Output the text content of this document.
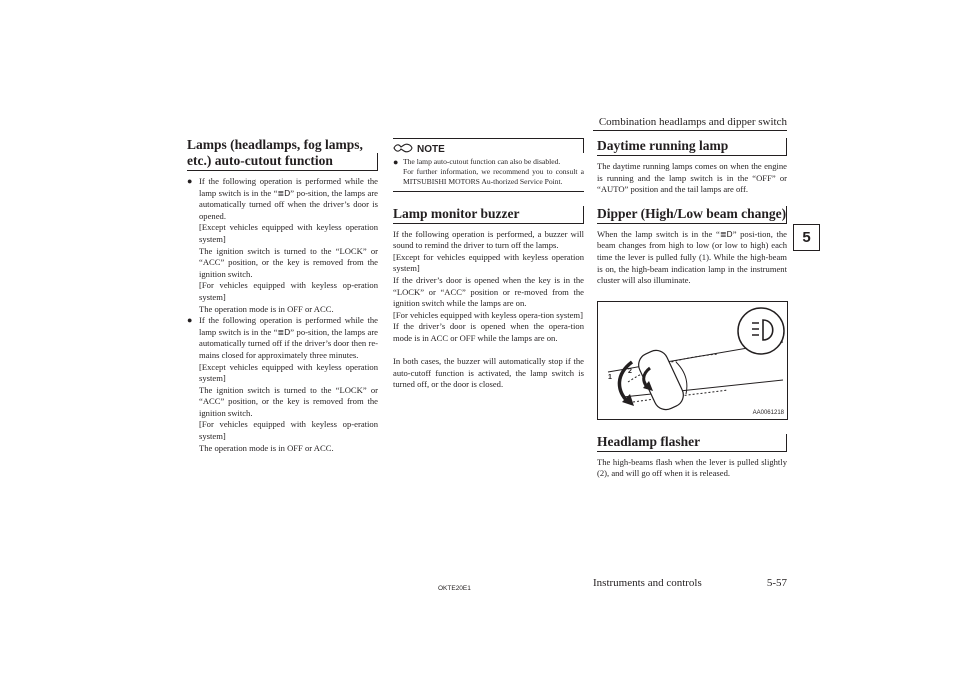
Combination headlamps and dipper switch
5
Lamps (headlamps, fog lamps, etc.) auto-cutout function
● If the following operation is performed while the lamp switch is in the “≣D” po-sition, the lamps are automatically turned off when the driver’s door is opened.

[Except vehicles equipped with keyless operation system]

The ignition switch is turned to the “LOCK” or “ACC” position, or the key is removed from the ignition switch.

[For vehicles equipped with keyless op-eration system]

The operation mode is in OFF or ACC.

● If the following operation is performed while the lamp switch is in the “≣D” po-sition, the lamps are automatically turned off if the driver’s door then re-mains closed for approximately three minutes.

[Except vehicles equipped with keyless operation system]

The ignition switch is turned to the “LOCK” or “ACC” position, or the key is removed from the ignition switch.

[For vehicles equipped with keyless op-eration system]

The operation mode is in OFF or ACC.

NOTE
● The lamp auto-cutout function can also be disabled.

For further information, we recommend you to consult a MITSUBISHI MOTORS Au-thorized Service Point.

Lamp monitor buzzer

If the following operation is performed, a buzzer will sound to remind the driver to turn off the lamps.

[Except for vehicles equipped with keyless operation system]

If the driver’s door is opened when the key is in the “LOCK” or “ACC” position or re-moved from the ignition switch while the lamps are on.

[For vehicles equipped with keyless opera-tion system]

If the driver’s door is opened when the opera-tion mode is in ACC or OFF while the lamps are on.

In both cases, the buzzer will automatically stop if the auto-cutoff function is activated, the lamp switch is turned off, or the door is closed.

Daytime running lamp

The daytime running lamps comes on when the engine is running and the lamp switch is in the “OFF” or “AUTO” position and the tail lamps are off.

Dipper (High/Low beam change)

When the lamp switch is in the “≣D” posi-tion, the beam changes from high to low (or low to high) each time the lever is pulled fully (1). While the high-beam is on, the high-beam indication lamp in the instrument cluster will also illuminate.

1
2
AA0061218
Headlamp flasher

The high-beams flash when the lever is pulled slightly (2), and will go off when it is released.

OKTE20E1	Instruments and controls	5-57
